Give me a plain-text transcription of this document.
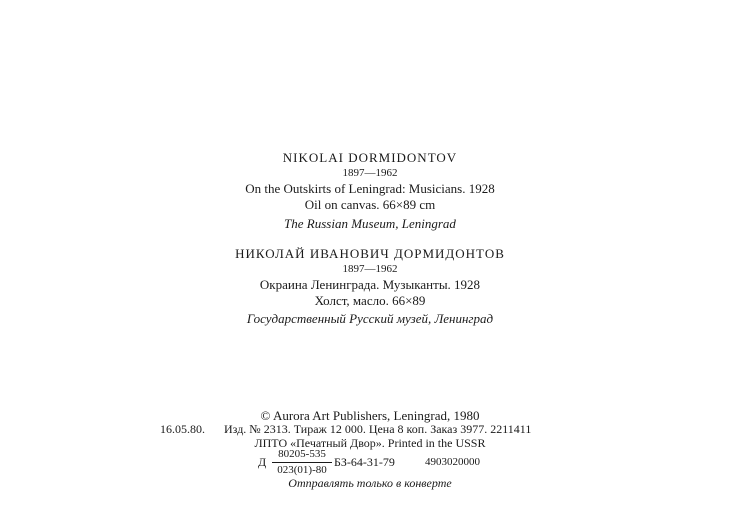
NIKOLAI DORMIDONTOV
1897—1962
On the Outskirts of Leningrad: Musicians. 1928
Oil on canvas. 66×89 cm
The Russian Museum, Leningrad
НИКОЛАЙ ИВАНОВИЧ ДОРМИДОНТОВ
1897—1962
Окраина Ленинграда. Музыканты. 1928
Холст, масло. 66×89
Государственный Русский музей, Ленинград
© Aurora Art Publishers, Leningrad, 1980
16.05.80. Изд. № 2313. Тираж 12 000. Цена 8 коп. Заказ 3977. 2211411
ЛПТО «Печатный Двор». Printed in the USSR
Д $\frac{80205-535}{023(01)-80} БЗ-64-31-79$	4903020000
Отправлять только в конверте
